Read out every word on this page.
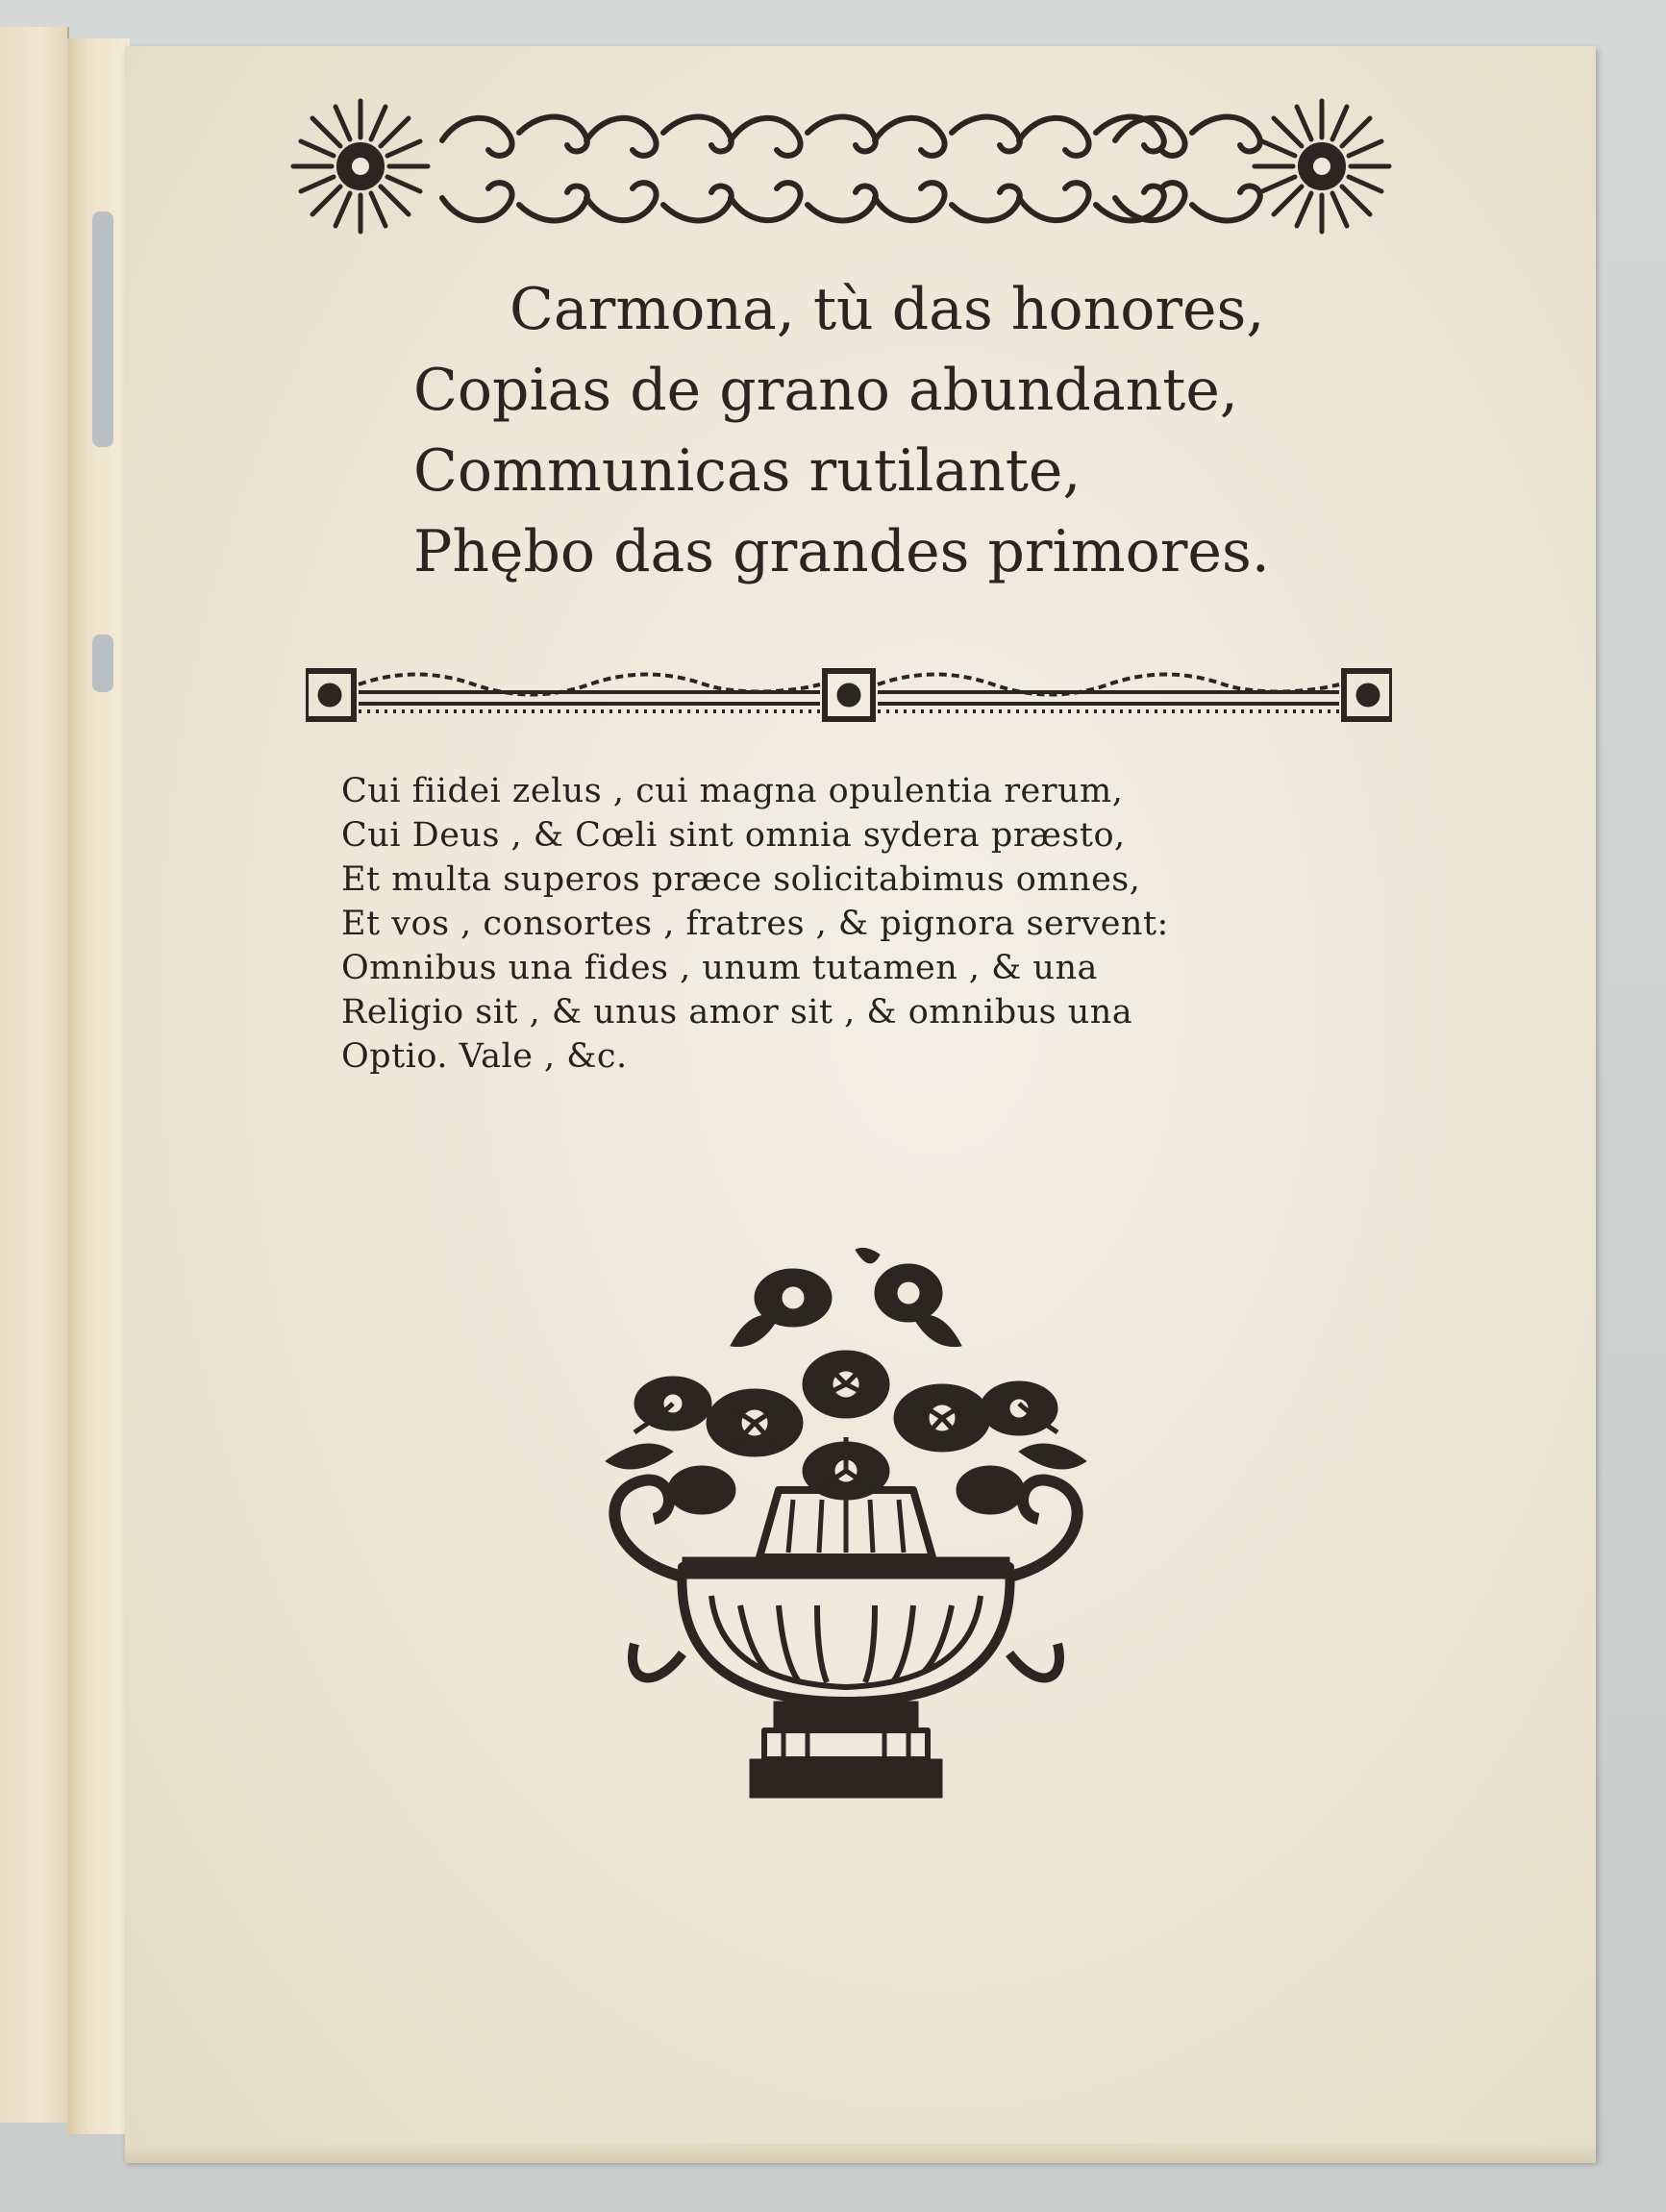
Carmona, tù das honores,
Copias de grano abundante,
Communicas rutilante,
Phębo das grandes primores.
Cui fiidei zelus , cui magna opulentia rerum,
Cui Deus , & Cœli sint omnia sydera præsto,
Et multa superos præce solicitabimus omnes,
Et vos , consortes , fratres , & pignora servent:
Omnibus una fides , unum tutamen , & una
Religio sit , & unus amor sit , & omnibus una
Optio. Vale , &c.
